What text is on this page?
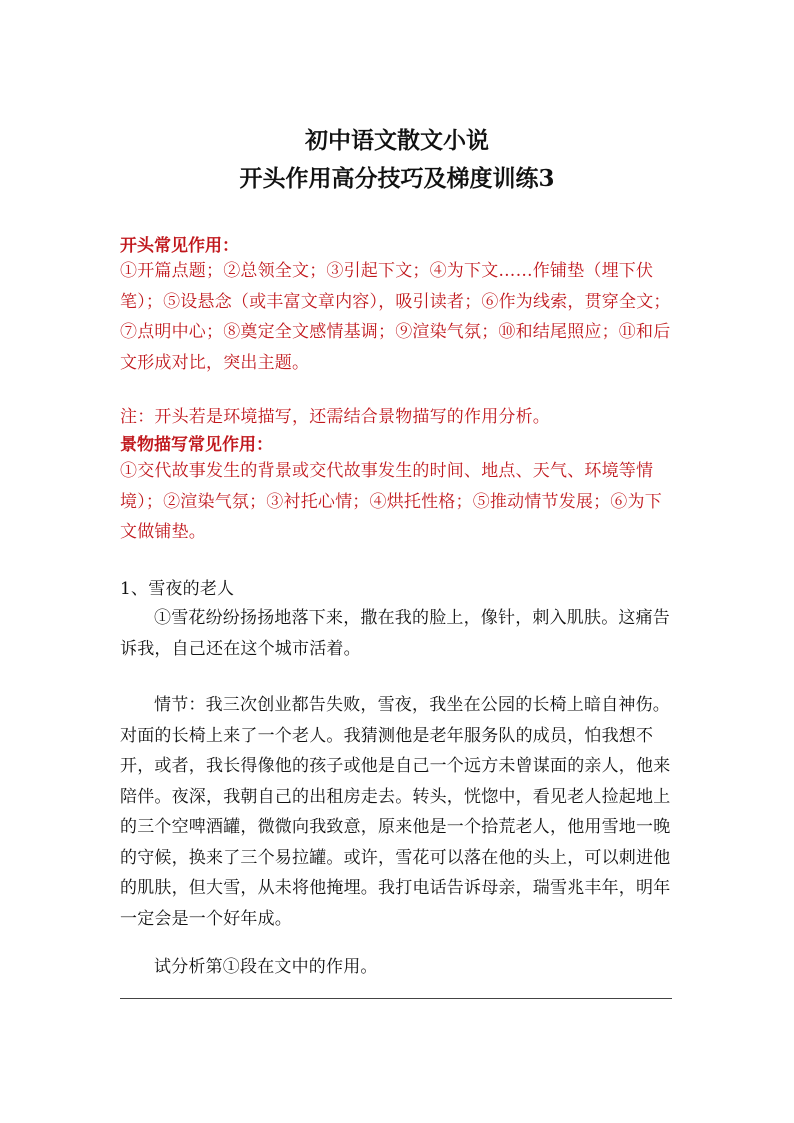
初中语文散文小说
开头作用高分技巧及梯度训练3
开头常见作用：
①开篇点题；②总领全文；③引起下文；④为下文……作铺垫（埋下伏笔）；⑤设悬念（或丰富文章内容），吸引读者；⑥作为线索，贯穿全文；⑦点明中心；⑧奠定全文感情基调；⑨渲染气氛；⑩和结尾照应；⑪和后文形成对比，突出主题。
注：开头若是环境描写，还需结合景物描写的作用分析。
景物描写常见作用：
①交代故事发生的背景或交代故事发生的时间、地点、天气、环境等情境）；②渲染气氛；③衬托心情；④烘托性格；⑤推动情节发展；⑥为下文做铺垫。
1、雪夜的老人
①雪花纷纷扬扬地落下来，撒在我的脸上，像针，刺入肌肤。这痛告诉我，自己还在这个城市活着。
情节：我三次创业都告失败，雪夜，我坐在公园的长椅上暗自神伤。对面的长椅上来了一个老人。我猜测他是老年服务队的成员，怕我想不开，或者，我长得像他的孩子或他是自己一个远方未曾谋面的亲人，他来陪伴。夜深，我朝自己的出租房走去。转头，恍惚中，看见老人捡起地上的三个空啤酒罐，微微向我致意，原来他是一个拾荒老人，他用雪地一晚的守候，换来了三个易拉罐。或许，雪花可以落在他的头上，可以刺进他的肌肤，但大雪，从未将他掩埋。我打电话告诉母亲，瑞雪兆丰年，明年一定会是一个好年成。
试分析第①段在文中的作用。
